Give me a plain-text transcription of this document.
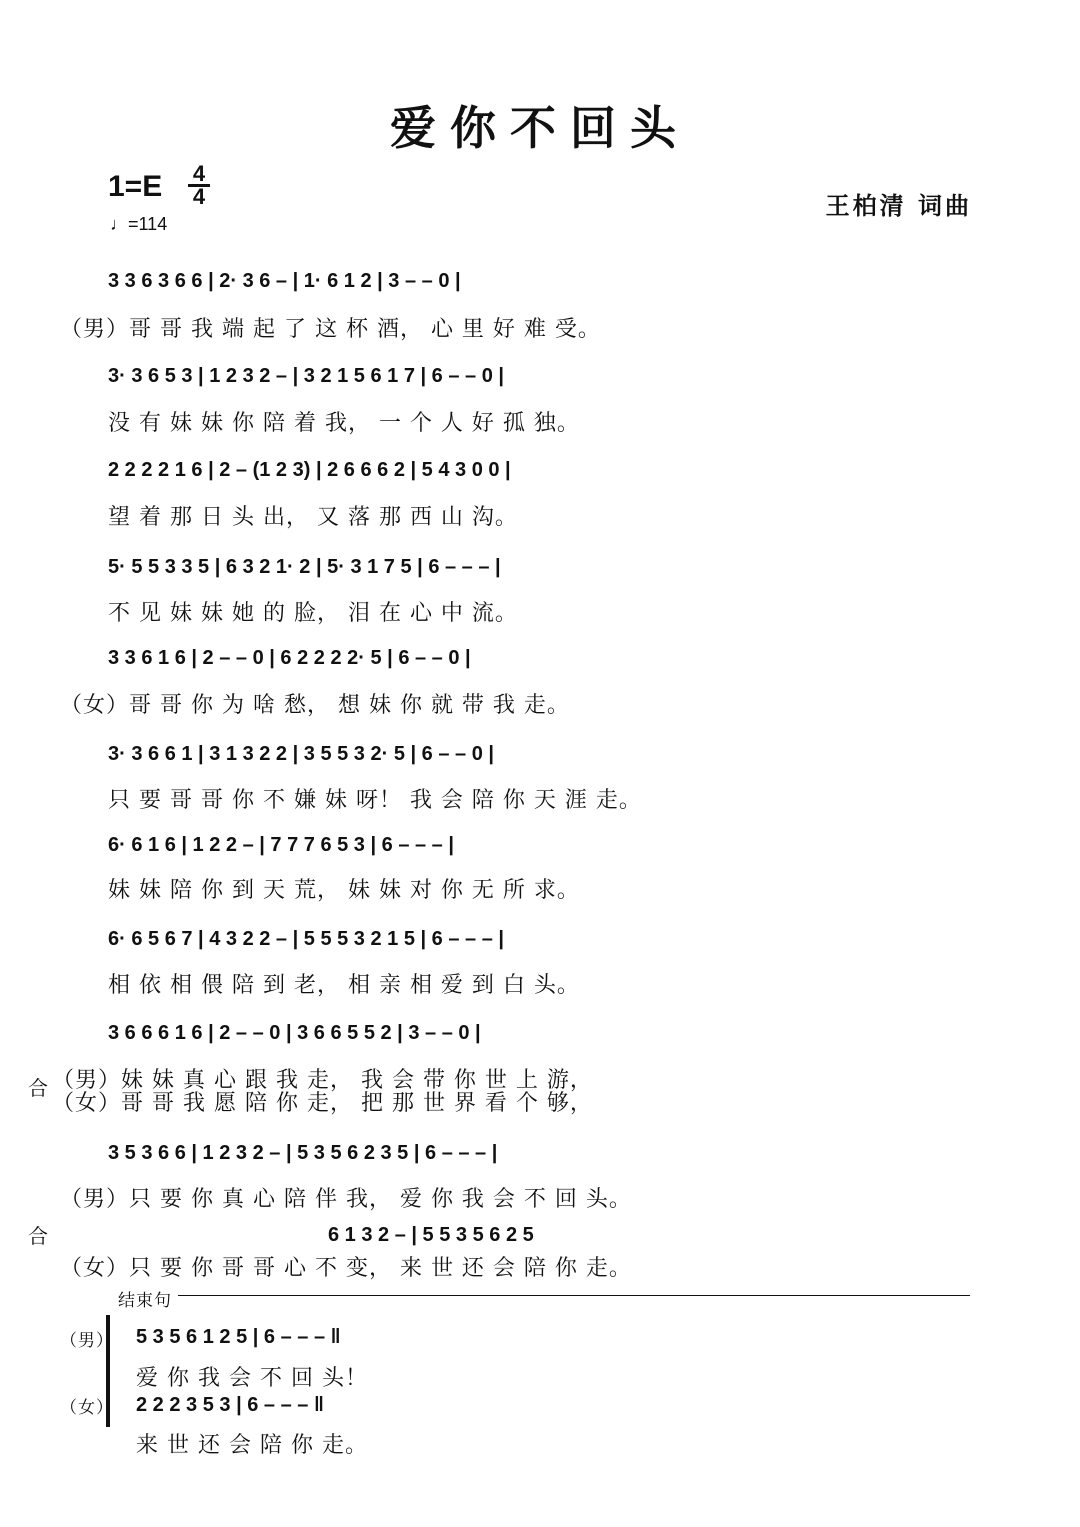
爱你不回头
$1=E \frac{4}{4}$
♩=114
王柏清 词曲
3 3 6 3 6 6 | 2· 3 6 – | 1· 6 1 2 | 3 – – 0 |
（男）哥 哥 我 端 起 了 这 杯 酒， 心 里 好 难 受。
3· 3 6 5 3 | 1 2 3 2 – | 3 2 1 5 6 1 7 | 6 – – 0 |
没 有 妹 妹 你 陪 着 我， 一 个 人 好 孤 独。
2 2 2 2 1 6 | 2 – (1 2 3) | 2 6 6 6 2 | 5 4 3 0 0 |
望 着 那 日 头 出， 又 落 那 西 山 沟。
5· 5 5 3 3 5 | 6 3 2 1· 2 | 5· 3 1 7 5 | 6 – – – |
不 见 妹 妹 她 的 脸， 泪 在 心 中 流。
3 3 6 1 6 | 2 – – 0 | 6 2 2 2 2· 5 | 6 – – 0 |
（女）哥 哥 你 为 啥 愁， 想 妹 你 就 带 我 走。
3· 3 6 6 1 | 3 1 3 2 2 | 3 5 5 3 2· 5 | 6 – – 0 |
只 要 哥 哥 你 不 嫌 妹 呀！ 我 会 陪 你 天 涯 走。
6· 6 1 6 | 1 2 2 – | 7 7 7 6 5 3 | 6 – – – |
妹 妹 陪 你 到 天 荒， 妹 妹 对 你 无 所 求。
6· 6 5 6 7 | 4 3 2 2 – | 5 5 5 3 2 1 5 | 6 – – – |
相 依 相 偎 陪 到 老， 相 亲 相 爱 到 白 头。
3 6 6 6 1 6 | 2 – – 0 | 3 6 6 5 5 2 | 3 – – 0 |
合 （男）妹 妹 真 心 跟 我 走， 我 会 带 你 世 上 游，
（女）哥 哥 我 愿 陪 你 走， 把 那 世 界 看 个 够，
3 5 3 6 6 | 1 2 3 2 – | 5 3 5 6 2 3 5 | 6 – – – |
（男）只 要 你 真 心 陪 伴 我， 爱 你 我 会 不 回 头。
合	6 1 3 2 – | 5 5 3 5 6 2 5
（女）只 要 你 哥 哥 心 不 变， 来 世 还 会 陪 你 走。
结束句
（男） 5 3 5 6 1 2 5 | 6 – – – ‖
爱 你 我 会 不 回 头！
（女） 2 2 2 3 5 3 | 6 – – – ‖
来 世 还 会 陪 你 走。
